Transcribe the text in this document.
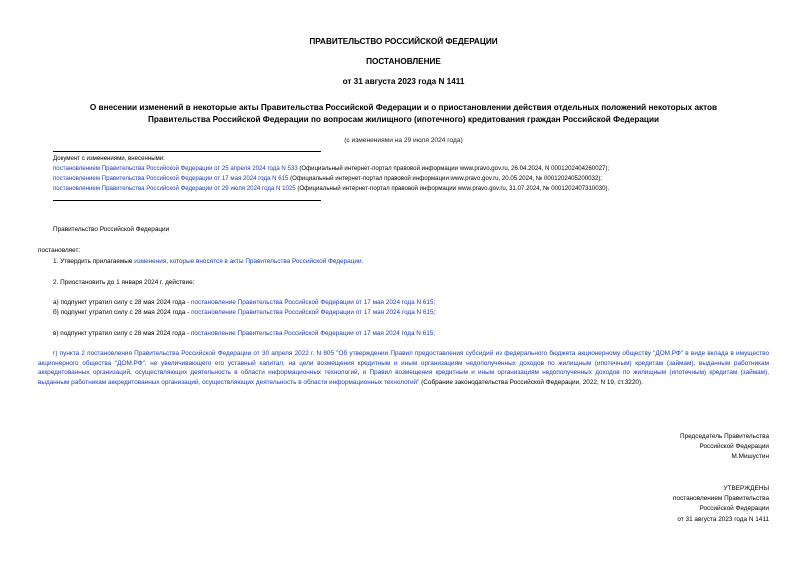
ПРАВИТЕЛЬСТВО РОССИЙСКОЙ ФЕДЕРАЦИИ
ПОСТАНОВЛЕНИЕ
от 31 августа 2023 года N 1411
О внесении изменений в некоторые акты Правительства Российской Федерации и о приостановлении действия отдельных положений некоторых актов
Правительства Российской Федерации по вопросам жилищного (ипотечного) кредитования граждан Российской Федерации
(с изменениями на 29 июля 2024 года)
Документ с изменениями, внесенными:
постановлением Правительства Российской Федерации от 25 апреля 2024 года N 533 (Официальный интернет-портал правовой информации www.pravo.gov.ru, 26.04.2024, N 0001202404260027);
постановлением Правительства Российской Федерации от 17 мая 2024 года N 615 (Официальный интернет-портал правовой информации www.pravo.gov.ru, 20.05.2024, № 0001202405200032);
постановлением Правительства Российской Федерации от 29 июля 2024 года N 1025 (Официальный интернет-портал правовой информации www.pravo.gov.ru, 31.07.2024, № 0001202407310030).
Правительство Российской Федерации
постановляет:
1. Утвердить прилагаемые изменения, которые вносятся в акты Правительства Российской Федерации.
2. Приостановить до 1 января 2024 г. действие:
а) подпункт утратил силу с 28 мая 2024 года - постановление Правительства Российской Федерации от 17 мая 2024 года N 615;
б) подпункт утратил силу с 28 мая 2024 года - постановление Правительства Российской Федерации от 17 мая 2024 года N 615;
в) подпункт утратил силу с 28 мая 2024 года - постановление Правительства Российской Федерации от 17 мая 2024 года N 615;
г) пункта 2 постановления Правительства Российской Федерации от 30 апреля 2022 г. N 805 "Об утверждении Правил предоставления субсидий из федерального бюджета акционерному обществу "ДОМ.РФ" в виде вклада в имущество акционерного общества "ДОМ.РФ", не увеличивающего его уставный капитал, на цели возмещения кредитным и иным организациям недополученных доходов по жилищным (ипотечным) кредитам (займам), выданным работникам аккредитованных организаций, осуществляющих деятельность в области информационных технологий, и Правил возмещения кредитным и иным организациям недополученных доходов по жилищным (ипотечным) кредитам (займам), выданным работникам аккредитованных организаций, осуществляющих деятельность в области информационных технологий" (Собрание законодательства Российской Федерации, 2022, N 19, ст.3220).
Председатель Правительства
Российской Федерации
М.Мишустин
УТВЕРЖДЕНЫ
постановлением Правительства
Российской Федерации
от 31 августа 2023 года N 1411
